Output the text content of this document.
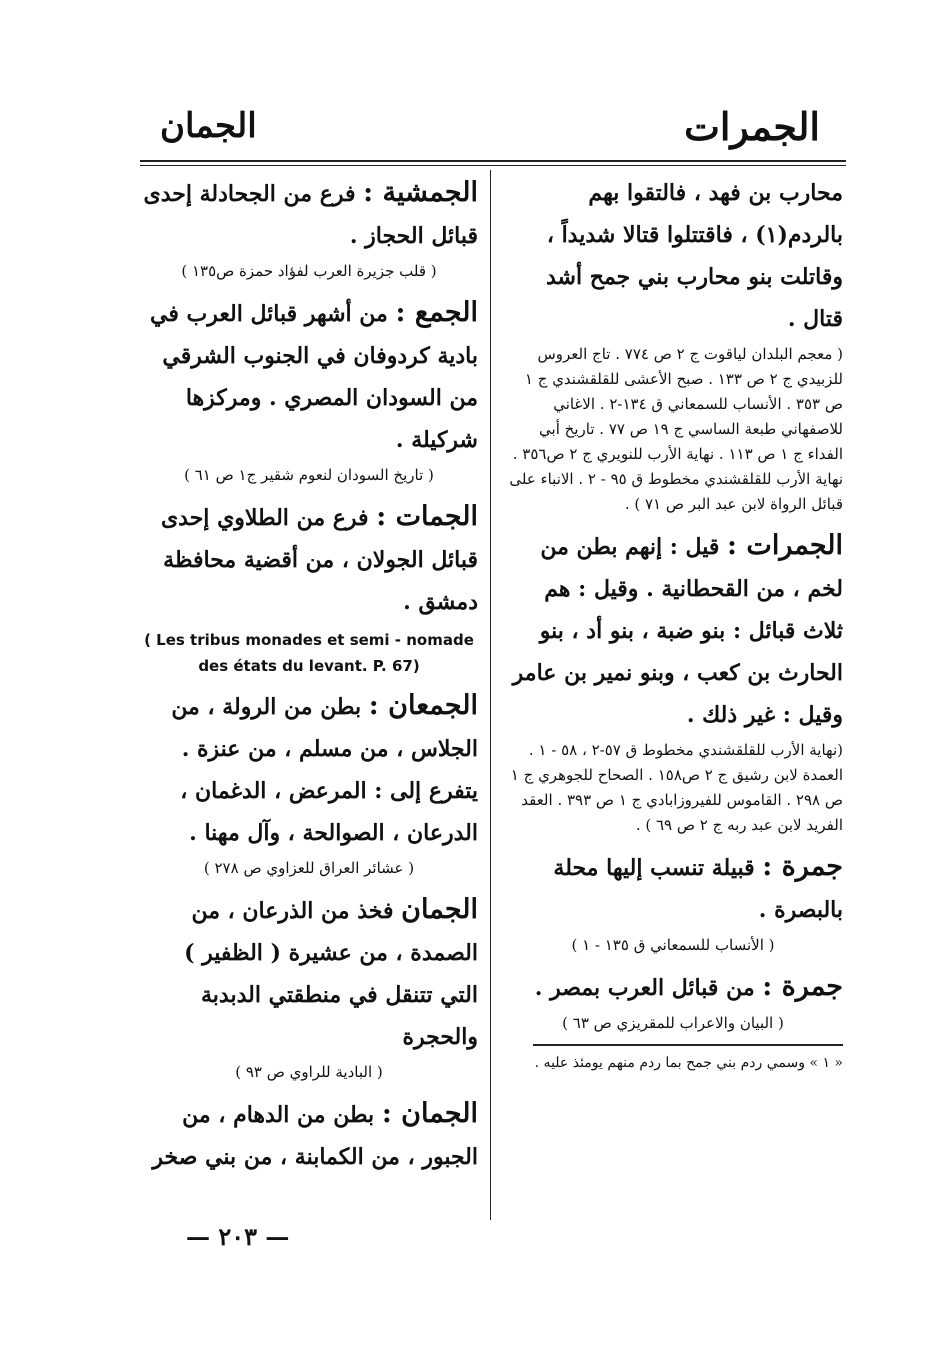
الجمرات
الجمان

محارب بن فهد ، فالتقوا بهم بالردم(١) ، فاقتتلوا قتالا شديداً ، وقاتلت بنو محارب بني جمح أشد قتال .

( معجم البلدان لياقوت ج ٢ ص ٧٧٤ . تاج العروس للزبيدي ج ٢ ص ١٣٣ . صبح الأعشى للقلقشندي ج ١ ص ٣٥٣ . الأنساب للسمعاني ق ١٣٤-٢ . الاغاني للاصفهاني طبعة الساسي ج ١٩ ص ٧٧ . تاريخ أبي الفداء ج ١ ص ١١٣ . نهاية الأرب للنويري ج ٢ ص٣٥٦ . نهاية الأرب للقلقشندي مخطوط ق ٩٥ - ٢ . الانباء على قبائل الرواة لابن عبد البر ص ٧١ ) .

الجمرات : قيل : إنهم بطن من لخم ، من القحطانية . وقيل : هم ثلاث قبائل : بنو ضبة ، بنو أد ، بنو الحارث بن كعب ، وبنو نمير بن عامر وقيل : غير ذلك .

(نهاية الأرب للقلقشندي مخطوط ق ٥٧-٢ ، ٥٨ - ١ . العمدة لابن رشيق ج ٢ ص١٥٨ . الصحاح للجوهري ج ١ ص ٢٩٨ . القاموس للفيروزابادي ج ١ ص ٣٩٣ . العقد الفريد لابن عبد ربه ج ٢ ص ٦٩ ) .

جمرة : قبيلة تنسب إليها محلة بالبصرة .

( الأنساب للسمعاني ق ١٣٥ - ١ )

جمرة : من قبائل العرب بمصر .

( البيان والاعراب للمقريزي ص ٦٣ )

« ١ » وسمي ردم بني جمح بما ردم منهم يومئذ عليه .

الجمشية : فرع من الجحادلة إحدى قبائل الحجاز .

( قلب جزيرة العرب لفؤاد حمزة ص١٣٥ )

الجمع : من أشهر قبائل العرب في بادية كردوفان في الجنوب الشرقي من السودان المصري . ومركزها شركيلة .

( تاريخ السودان لنعوم شقير ج١ ص ٦١ )

الجمات : فرع من الطلاوي إحدى قبائل الجولان ، من أقضية محافظة دمشق .

( Les tribus monades et semi - nomade des états du levant. P. 67)

الجمعان : بطن من الرولة ، من الجلاس ، من مسلم ، من عنزة . يتفرع إلى : المرعض ، الدغمان ، الدرعان ، الصوالحة ، وآل مهنا .

( عشائر العراق للعزاوي ص ٢٧٨ )

الجمان فخذ من الذرعان ، من الصمدة ، من عشيرة ( الظفير ) التي تتنقل في منطقتي الدبدبة والحجرة

( البادية للراوي ص ٩٣ )

الجمان : بطن من الدهام ، من الجبور ، من الكمابنة ، من بني صخر

— ٢٠٣ —
